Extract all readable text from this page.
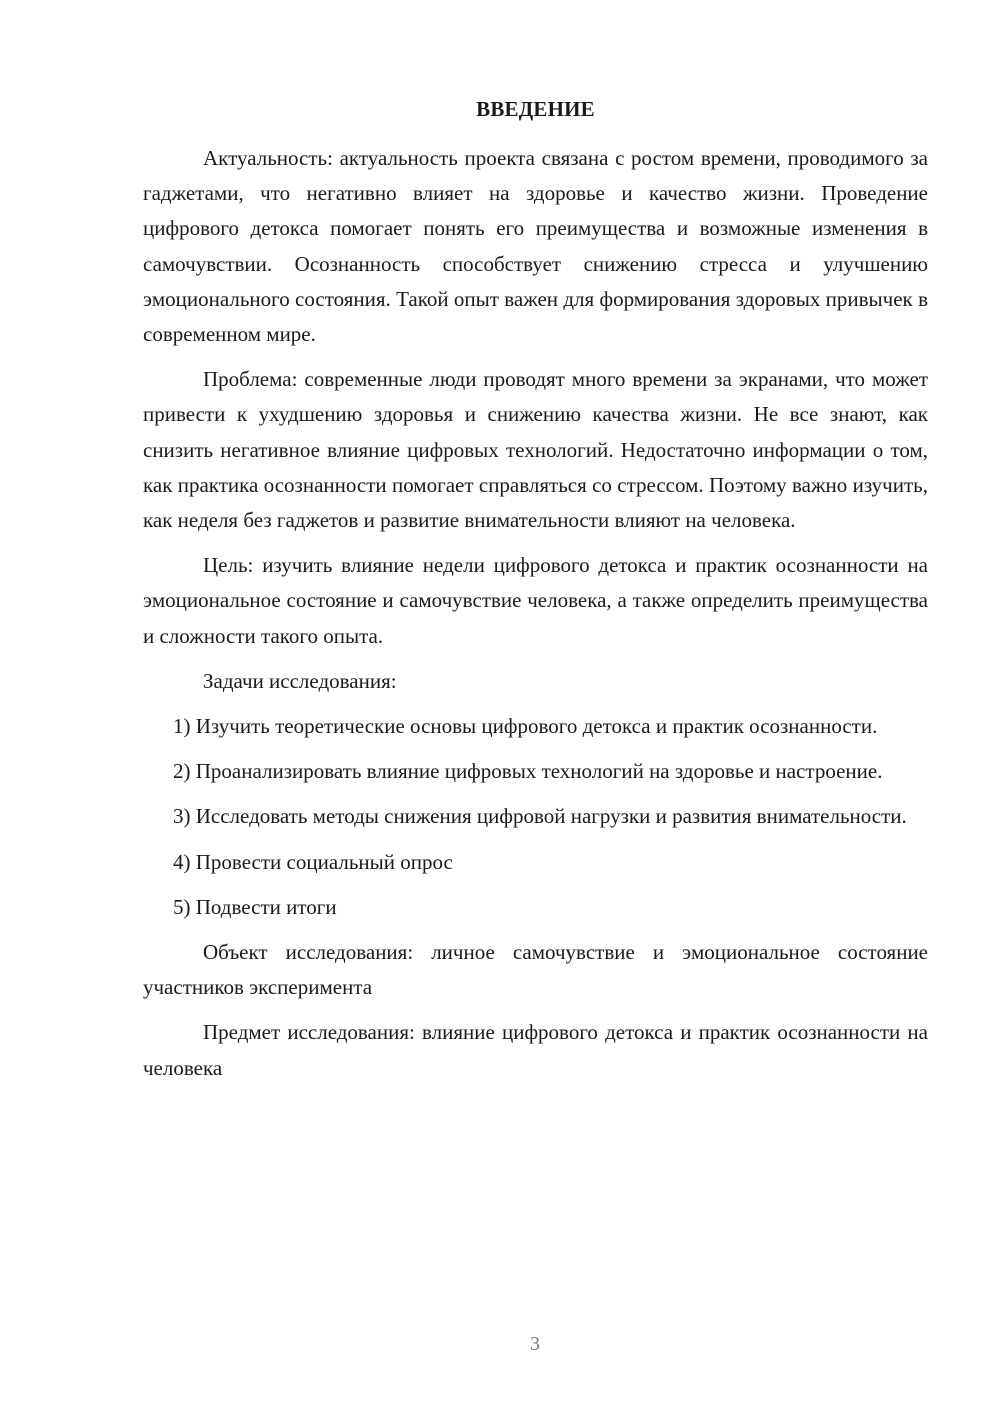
ВВЕДЕНИЕ

Актуальность: актуальность проекта связана с ростом времени, проводимого за гаджетами, что негативно влияет на здоровье и качество жизни. Проведение цифрового детокса помогает понять его преимущества и возможные изменения в самочувствии. Осознанность способствует снижению стресса и улучшению эмоционального состояния. Такой опыт важен для формирования здоровых привычек в современном мире.

Проблема: современные люди проводят много времени за экранами, что может привести к ухудшению здоровья и снижению качества жизни. Не все знают, как снизить негативное влияние цифровых технологий. Недостаточно информации о том, как практика осознанности помогает справляться со стрессом. Поэтому важно изучить, как неделя без гаджетов и развитие внимательности влияют на человека.

Цель: изучить влияние недели цифрового детокса и практик осознанности на эмоциональное состояние и самочувствие человека, а также определить преимущества и сложности такого опыта.

Задачи исследования:

1) Изучить теоретические основы цифрового детокса и практик осознанности.

2) Проанализировать влияние цифровых технологий на здоровье и настроение.

3) Исследовать методы снижения цифровой нагрузки и развития внимательности.

4) Провести социальный опрос

5) Подвести итоги

Объект исследования: личное самочувствие и эмоциональное состояние участников эксперимента

Предмет исследования: влияние цифрового детокса и практик осознанности на человека

3
